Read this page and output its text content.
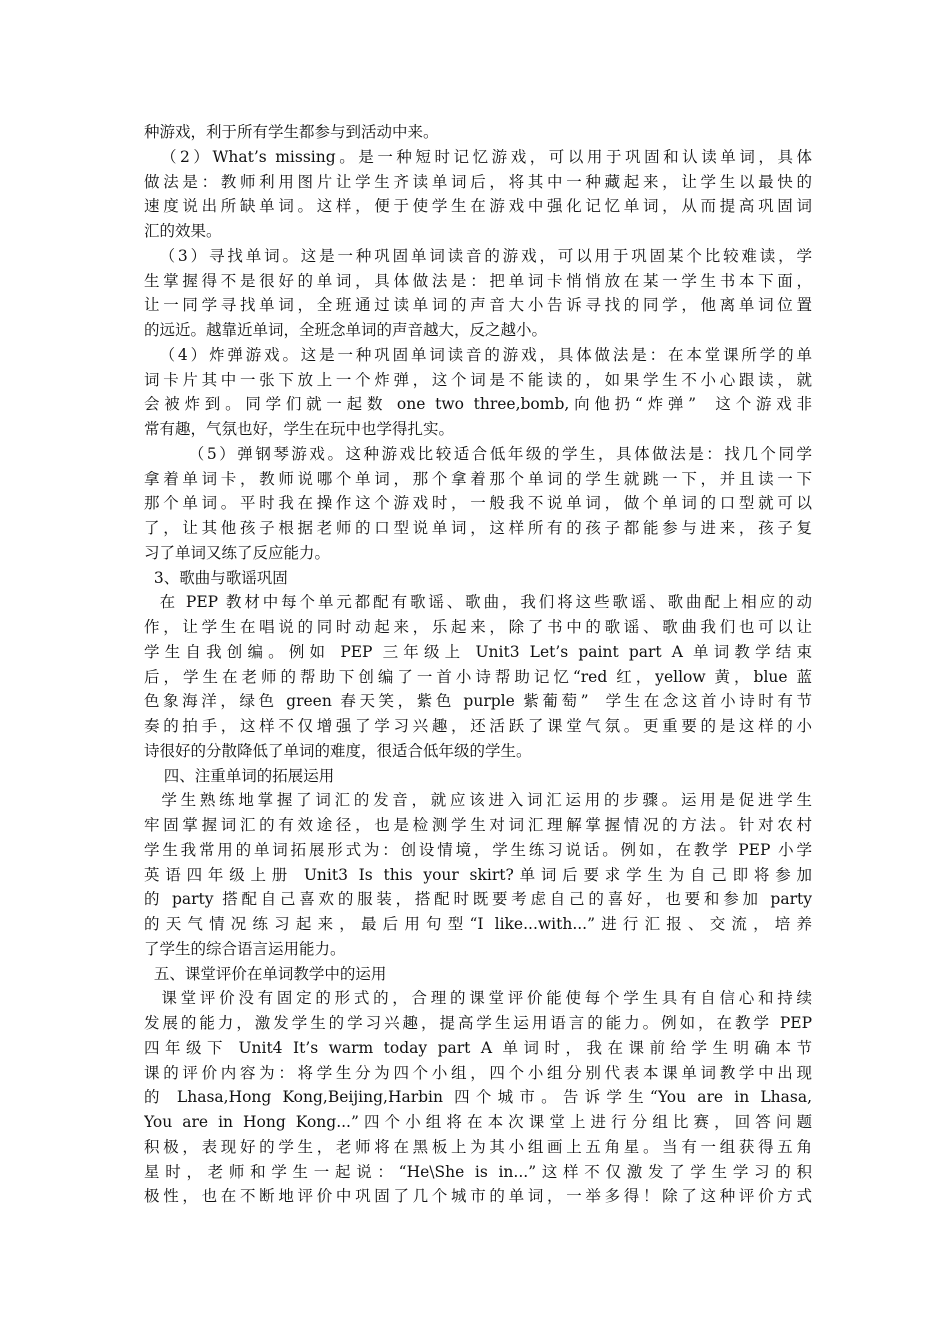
种游戏，利于所有学生都参与到活动中来。
（2）What’s missing。是一种短时记忆游戏，可以用于巩固和认读单词，具体
做法是：教师利用图片让学生齐读单词后，将其中一种藏起来，让学生以最快的
速度说出所缺单词。这样，便于使学生在游戏中强化记忆单词，从而提高巩固词
汇的效果。
（3）寻找单词。这是一种巩固单词读音的游戏，可以用于巩固某个比较难读，学
生掌握得不是很好的单词，具体做法是：把单词卡悄悄放在某一学生书本下面，
让一同学寻找单词，全班通过读单词的声音大小告诉寻找的同学，他离单词位置
的远近。越靠近单词，全班念单词的声音越大，反之越小。
（4）炸弹游戏。这是一种巩固单词读音的游戏，具体做法是：在本堂课所学的单
词卡片其中一张下放上一个炸弹，这个词是不能读的，如果学生不小心跟读，就
会被炸到。同学们就一起数 one two three,bomb,向他扔“炸弹”  这个游戏非
常有趣，气氛也好，学生在玩中也学得扎实。
（5）弹钢琴游戏。这种游戏比较适合低年级的学生，具体做法是：找几个同学
拿着单词卡，教师说哪个单词，那个拿着那个单词的学生就跳一下，并且读一下
那个单词。平时我在操作这个游戏时，一般我不说单词，做个单词的口型就可以
了，让其他孩子根据老师的口型说单词，这样所有的孩子都能参与进来，孩子复
习了单词又练了反应能力。
3、歌曲与歌谣巩固
在 PEP 教材中每个单元都配有歌谣、歌曲，我们将这些歌谣、歌曲配上相应的动
作，让学生在唱说的同时动起来，乐起来，除了书中的歌谣、歌曲我们也可以让
学生自我创编。例如 PEP 三年级上 Unit3 Let’s paint part A 单词教学结束
后，学生在老师的帮助下创编了一首小诗帮助记忆“red 红，yellow 黄，blue 蓝
色象海洋，绿色 green 春天笑，紫色 purple 紫葡萄”  学生在念这首小诗时有节
奏的拍手，这样不仅增强了学习兴趣，还活跃了课堂气氛。更重要的是这样的小
诗很好的分散降低了单词的难度，很适合低年级的学生。
四、注重单词的拓展运用
学生熟练地掌握了词汇的发音，就应该进入词汇运用的步骤。运用是促进学生
牢固掌握词汇的有效途径，也是检测学生对词汇理解掌握情况的方法。针对农村
学生我常用的单词拓展形式为：创设情境，学生练习说话。例如，在教学 PEP 小学
英语四年级上册 Unit3 Is this your skirt?单词后要求学生为自己即将参加
的 party 搭配自己喜欢的服装，搭配时既要考虑自己的喜好，也要和参加 party
的天气情况练习起来，最后用句型“I like...with...”进行汇报、交流，培养
了学生的综合语言运用能力。
五、课堂评价在单词教学中的运用
课堂评价没有固定的形式的，合理的课堂评价能使每个学生具有自信心和持续
发展的能力，激发学生的学习兴趣，提高学生运用语言的能力。例如，在教学 PEP
四年级下 Unit4 It’s warm today part A 单词时，我在课前给学生明确本节
课的评价内容为：将学生分为四个小组，四个小组分别代表本课单词教学中出现
的 Lhasa,Hong Kong,Beijing,Harbin 四个城市。告诉学生“You are in Lhasa,
You are in Hong Kong...”四个小组将在本次课堂上进行分组比赛，回答问题
积极，表现好的学生，老师将在黑板上为其小组画上五角星。当有一组获得五角
星时，老师和学生一起说：“He\She is in...”这样不仅激发了学生学习的积
极性，也在不断地评价中巩固了几个城市的单词，一举多得！除了这种评价方式
